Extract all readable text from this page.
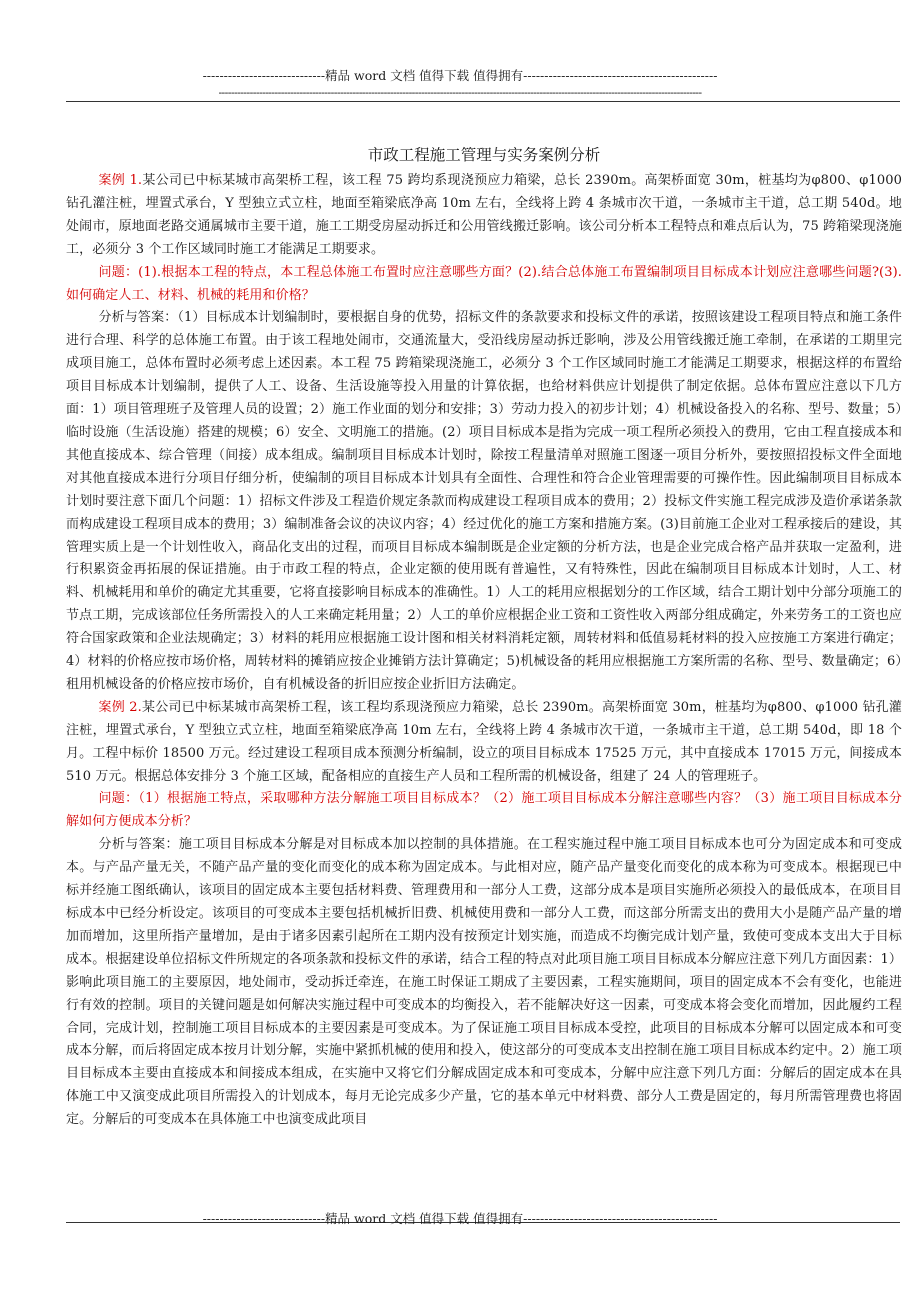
-----------------------------精品 word 文档 值得下载 值得拥有----------------------------------------------
-----------------------------------------------------------------------------------------------------------------------------------------------------------
市政工程施工管理与实务案例分析

案例 1.某公司已中标某城市高架桥工程，该工程 75 跨均系现浇预应力箱梁，总长 2390m。高架桥面宽 30m，桩基均为φ800、φ1000 钻孔灌注桩，埋置式承台，Y 型独立式立柱，地面至箱梁底净高 10m 左右，全线将上跨 4 条城市次干道，一条城市主干道，总工期 540d。地处闹市，原地面老路交通属城市主要干道，施工工期受房屋动拆迁和公用管线搬迁影响。该公司分析本工程特点和难点后认为，75 跨箱梁现浇施工，必须分 3 个工作区域同时施工才能满足工期要求。

问题：(1).根据本工程的特点，本工程总体施工布置时应注意哪些方面？(2).结合总体施工布置编制项目目标成本计划应注意哪些问题?(3).如何确定人工、材料、机械的耗用和价格？

分析与答案：（1）目标成本计划编制时，要根据自身的优势，招标文件的条款要求和投标文件的承诺，按照该建设工程项目特点和施工条件进行合理、科学的总体施工布置。由于该工程地处闹市，交通流量大，受沿线房屋动拆迁影响，涉及公用管线搬迁施工牵制，在承诺的工期里完成项目施工，总体布置时必须考虑上述因素。本工程 75 跨箱梁现浇施工，必须分 3 个工作区域同时施工才能满足工期要求，根据这样的布置给项目目标成本计划编制，提供了人工、设备、生活设施等投入用量的计算依据，也给材料供应计划提供了制定依据。总体布置应注意以下几方面：1）项目管理班子及管理人员的设置；2）施工作业面的划分和安排；3）劳动力投入的初步计划；4）机械设备投入的名称、型号、数量；5）临时设施（生活设施）搭建的规模；6）安全、文明施工的措施。(2）项目目标成本是指为完成一项工程所必须投入的费用，它由工程直接成本和其他直接成本、综合管理（间接）成本组成。编制项目目标成本计划时，除按工程量清单对照施工图逐一项目分析外，要按照招投标文件全面地对其他直接成本进行分项目仔细分析，使编制的项目目标成本计划具有全面性、合理性和符合企业管理需要的可操作性。因此编制项目目标成本计划时要注意下面几个问题：1）招标文件涉及工程造价规定条款而构成建设工程项目成本的费用；2）投标文件实施工程完成涉及造价承诺条款而构成建设工程项目成本的费用；3）编制准备会议的决议内容；4）经过优化的施工方案和措施方案。(3)目前施工企业对工程承接后的建设，其管理实质上是一个计划性收入，商品化支出的过程，而项目目标成本编制既是企业定额的分析方法，也是企业完成合格产品并获取一定盈利，进行积累资金再拓展的保证措施。由于市政工程的特点，企业定额的使用既有普遍性，又有特殊性，因此在编制项目目标成本计划时，人工、材料、机械耗用和单价的确定尤其重要，它将直接影响目标成本的准确性。1）人工的耗用应根据划分的工作区域，结合工期计划中分部分项施工的节点工期，完成该部位任务所需投入的人工来确定耗用量；2）人工的单价应根据企业工资和工资性收入两部分组成确定，外来劳务工的工资也应符合国家政策和企业法规确定；3）材料的耗用应根据施工设计图和相关材料消耗定额，周转材料和低值易耗材料的投入应按施工方案进行确定；4）材料的价格应按市场价格，周转材料的摊销应按企业摊销方法计算确定；5)机械设备的耗用应根据施工方案所需的名称、型号、数量确定；6）租用机械设备的价格应按市场价，自有机械设备的折旧应按企业折旧方法确定。

案例 2.某公司已中标某城市高架桥工程，该工程均系现浇预应力箱梁，总长 2390m。高架桥面宽 30m，桩基均为φ800、φ1000 钻孔灌注桩，埋置式承台，Y 型独立式立柱，地面至箱梁底净高 10m 左右，全线将上跨 4 条城市次干道，一条城市主干道，总工期 540d，即 18 个月。工程中标价 18500 万元。经过建设工程项目成本预测分析编制，设立的项目目标成本 17525 万元，其中直接成本 17015 万元，间接成本 510 万元。根据总体安排分 3 个施工区域，配备相应的直接生产人员和工程所需的机械设备，组建了 24 人的管理班子。

问题：（1）根据施工特点，采取哪种方法分解施工项目目标成本？（2）施工项目目标成本分解注意哪些内容？（3）施工项目目标成本分解如何方便成本分析？

分析与答案：施工项目目标成本分解是对目标成本加以控制的具体措施。在工程实施过程中施工项目目标成本也可分为固定成本和可变成本。与产品产量无关，不随产品产量的变化而变化的成本称为固定成本。与此相对应，随产品产量变化而变化的成本称为可变成本。根据现已中标并经施工图纸确认，该项目的固定成本主要包括材料费、管理费用和一部分人工费，这部分成本是项目实施所必须投入的最低成本，在项目目标成本中已经分析设定。该项目的可变成本主要包括机械折旧费、机械使用费和一部分人工费，而这部分所需支出的费用大小是随产品产量的增加而增加，这里所指产量增加，是由于诸多因素引起所在工期内没有按预定计划实施，而造成不均衡完成计划产量，致使可变成本支出大于目标成本。根据建设单位招标文件所规定的各项条款和投标文件的承诺，结合工程的特点对此项目施工项目目标成本分解应注意下列几方面因素：1）影响此项目施工的主要原因，地处闹市，受动拆迁牵连，在施工时保证工期成了主要因素，工程实施期间，项目的固定成本不会有变化，也能进行有效的控制。项目的关键问题是如何解决实施过程中可变成本的均衡投入，若不能解决好这一因素，可变成本将会变化而增加，因此履约工程合同，完成计划，控制施工项目目标成本的主要因素是可变成本。为了保证施工项目目标成本受控，此项目的目标成本分解可以固定成本和可变成本分解，而后将固定成本按月计划分解，实施中紧抓机械的使用和投入，使这部分的可变成本支出控制在施工项目目标成本约定中。2）施工项目目标成本主要由直接成本和间接成本组成，在实施中又将它们分解成固定成本和可变成本，分解中应注意下列几方面：分解后的固定成本在具体施工中又演变成此项目所需投入的计划成本，每月无论完成多少产量，它的基本单元中材料费、部分人工费是固定的，每月所需管理费也将固定。分解后的可变成本在具体施工中也演变成此项目

-----------------------------精品 word 文档 值得下载 值得拥有----------------------------------------------
